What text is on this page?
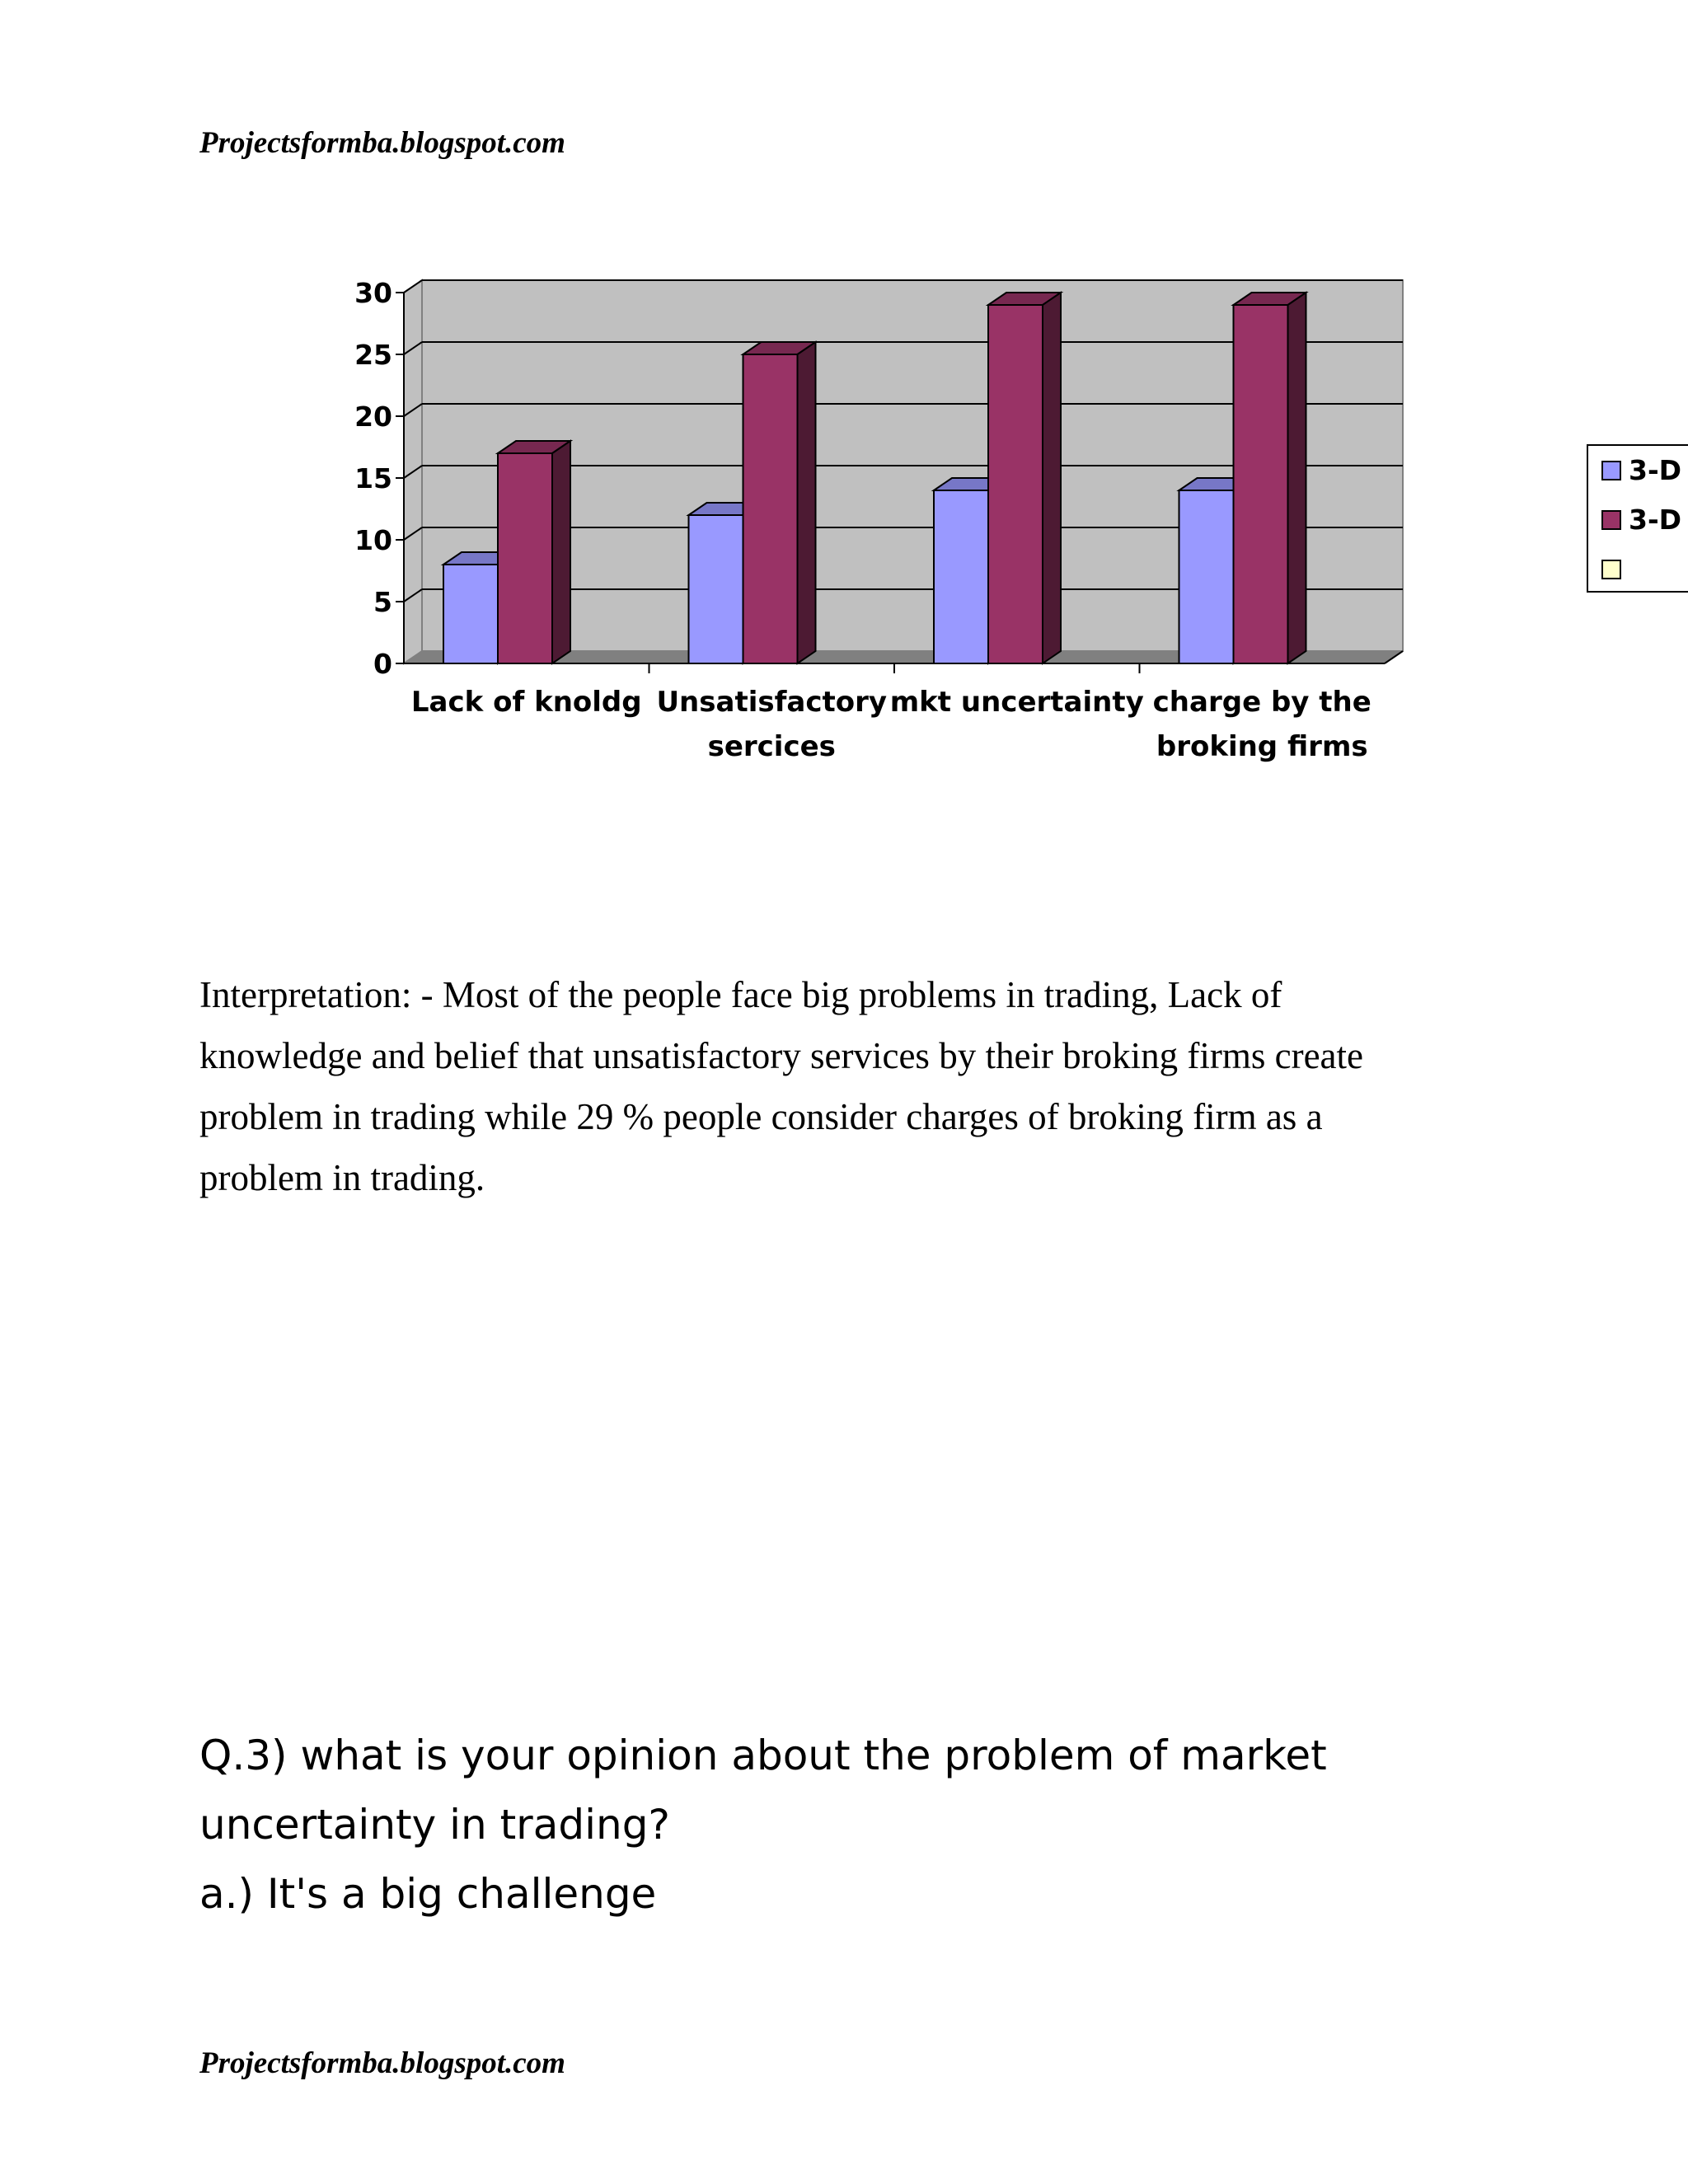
Projectsformba.blogspot.com
0
5
10
15
20
25
30
Lack of knoldg Unsatisfactory
sercices
mkt uncertainty charge by the
broking firms
3-D
3-D
Interpretation: - Most of the people face big problems in trading, Lack of
knowledge and belief that unsatisfactory services by their broking firms create
problem in trading while 29 % people consider charges of broking firm as a
problem in trading.
Q.3) what is your opinion about the problem of market
uncertainty in trading?
a.) It's a big challenge
Projectsformba.blogspot.com
